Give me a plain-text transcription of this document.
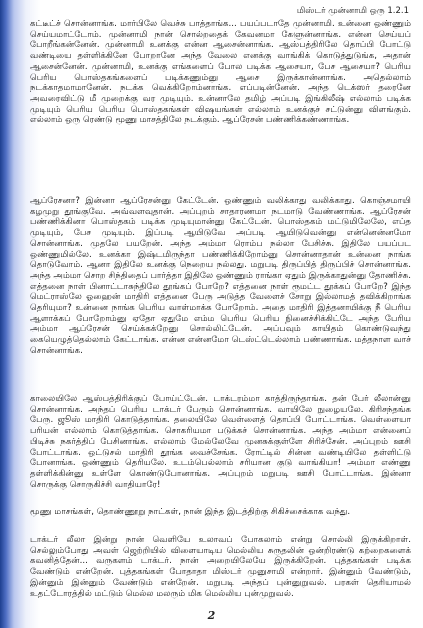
மிஸ்டர் முன்னாமி ஒரு 1.2.1

கட்டீட்ச் சொன்னாங்க. மார்பிலே வெச்சு பாத்தாங்க... பயப்படாதே முன்னாமி. உன்னை ஒண்ணும் செய்யமாட்டோம். முன்னாமி நான் சொல்றதைக் கேவனமா கேளுன்னாங்க. என்ன செய்யப் போறீங்கன்னேன். முன்னாமி உனக்கு என்ன ஆசைன்னாங்க. ஆஸ்பத்திரிலே தொப்பி போட்டு வண்டியை தள்ளிக்கினே போறானே அந்த வேலை எனக்கு வாங்கிக் கொடுத்துடுங்க, அதான் ஆசைன்னேன். முன்னாமி, உனக்கு எங்களைப் போல படிக்க ஆசையா, பேச ஆசையா? பெரிய பெரிய பொஸ்தகங்களைப் படிக்கணும்னு ஆசை இருக்கான்னாங்க. அதெல்லாம் நடக்காதமாமானேன். நடக்க வெக்கிறோம்னாங்க. எப்படின்னேன். அந்த டெக்ஸர் தரைனே அவரைவிட்டு மீ முறைக்கு வர முடியும். உன்னாலே தமிழ் அப்படி இங்கிலீஷ் எல்லாம் படிக்க முடியும் பெரிய பெரிய பொஸ்தகங்கள் விஷயங்கள் எல்லாம் உனக்குச் சட்டுன்னு விளங்கும். எல்லாம் ஒரு ரெண்டு மூணு மாசத்திலே நடக்கும். ஆப்ரேசன் பண்ணிக்கண்ணாங்க.

ஆப்ரேசனா? இன்னா ஆப்ரேசன்னு கேட்டேன். ஒண்ணும் வலிக்காது வலிக்காது. கொஞ்சமாயி கழமுறு தூங்குவே. அவ்வளவுதான். அப்புறம் சாதாரணமா நடமாடு வேண்ணாங்க. ஆப்ரேசன் பண்ணிக்கினா பொஸ்தகம் படிக்க முடியுமான்னு கேட்டேன். பொஸ்தகம் மட்டுமிலேலே, எப்த முடியும், பேச முடியும். இப்படி ஆயிடுவே அப்படி ஆயிடுவென்னு என்னென்னமோ சொன்னாங்க. முதலே பயறேன். அந்த அம்மா ரொம்ப நல்லா பேசிச்சு. இதிலே பயப்பட ஒண்ணுமில்லே. உனக்கா இஷ்டமிருந்தா பண்ணிக்கிறோம்னு சொன்னாதான் உன்னை நாங்க தொடுவோம். ஆனா இதிலே உனக்கு நெறைய நல்லது. மறுபடி திருப்பித் திருப்பிச் சொன்னாங்க. அந்த அம்மா சொற சிந்திதைப் பார்த்தா இதிலே ஒண்ணும் ராங்கா ஏதும் இருக்காதுன்னு தோணிச்சு. எத்தனை நாள் பினாட்டாசுந்திலே தூங்கப் போறே? எத்தனை நாள் ரூமட்ட தூக்கப் போறே? இந்த மெட்ராஸ்லே ஓஹைன் மாதிரி எத்தனை பேரு அடுத்த வேளைச் சோறு இல்லாமத் தவிக்கிறாங்க தெரியுமா? உன்னை நாங்க பெரிய வாள்மாக்க போறோம். அதை மாதிரி இத்தனாயிக்கு நீ பெரிய ஆளாக்கப் போறோம்னு ஏதோ ஏதுமே எம்ம பெரிய பெரிய நினைச்சிக்கிட்டே அந்த பேரிய அம்மா ஆப்ரேசன் செய்க்கக்றேனு சொல்லிட்டேன். அப்பவும் காயிதம் கொண்டுவந்து கையெழுத்தெல்லாம் கேட்டாங்க. என்ன என்னமோ டெஸ்ட்டெல்லாம் பண்ணாங்க. மத்தநாள வாச் சொன்னாங்க.

காலையிலே ஆஸ்பத்திரிக்குப் போய்ட்டேன். டாக்டரம்மா காத்திருந்தாங்க. தன் பேர் லீலான்னு சொன்னாங்க. அந்தப் பெரிய டாக்டர் பேரும் சொன்னாங்க. வாயிலே நுழையலே. கிரிசந்தங்க பேரு. ஜூஸ் மாதிரி கொடுத்தாங்க. தலையிலே வெள்ளைத் தொப்பி போட்டாங்க. வெள்ளையா பரியன் எல்லாம் கொடுத்தாங்க. சொகரியமா படுக்கச் சொன்னாங்க. அந்த அம்மா என்னைப் பிடிச்சு நகர்த்திப் பேசினாங்க. எல்லாம் மேல்லேவே முனசுக்குள்ளே சிரிச்சேன். அப்புறம் ஊசி போட்டாங்க. ஒட்டுசல் மாதிரி தூங்க வைச்சேங்க. ரோட்டில் சின்ன வண்டியிலே தள்ளிட்டு போனாங்க. ஒண்ணும் தெரியலே. உடம்பெல்லாம் சரியான குடு வாங்கியா! அம்மா எண்ணு தள்ளிக்கின்னு உள்ளே கொண்டுபோனாங்க. அப்புறம் மறுபடி ஊசி போட்டாங்க. இன்னா சொருக்கு சொருகிச்சி வாதியாரே!

மூணு மாசங்கள், தொண்ணூறு நாட்கள், நான் இந்த இடத்திற்கு சிகிச்சைக்காக வந்து.

டாக்டர் லீலா இன்று நான் வெளியே உலாவப் போகலாம் என்று சொல்லி இருக்கிறாள். செல்லும்போது அவள் ஜெற்றியில் விளையாடிய மெல்லிய சுருதலின் ஒன்றிரண்டு கற்றைகளைக் கவனித்தேன்... வருகளம் டாக்டர். நான் அறையிலேயே இருக்கிறேன். புத்தகங்கள் படிக்க வேண்டும் என்றேன். புத்தகங்கள் போதாதா மிஸ்டர் முனுசாமி என்றார். இன்னும் வேண்டும், இன்னும் இன்னும் வேண்டும் என்றேன். மறுபடி அந்தப் புன்னுறுவல். பரகள் தெரியாமல் உதட்டோரத்தில் மட்டும் மெல்ல மலரும் மிக மெல்லிய புன்முறுவல்.

2
